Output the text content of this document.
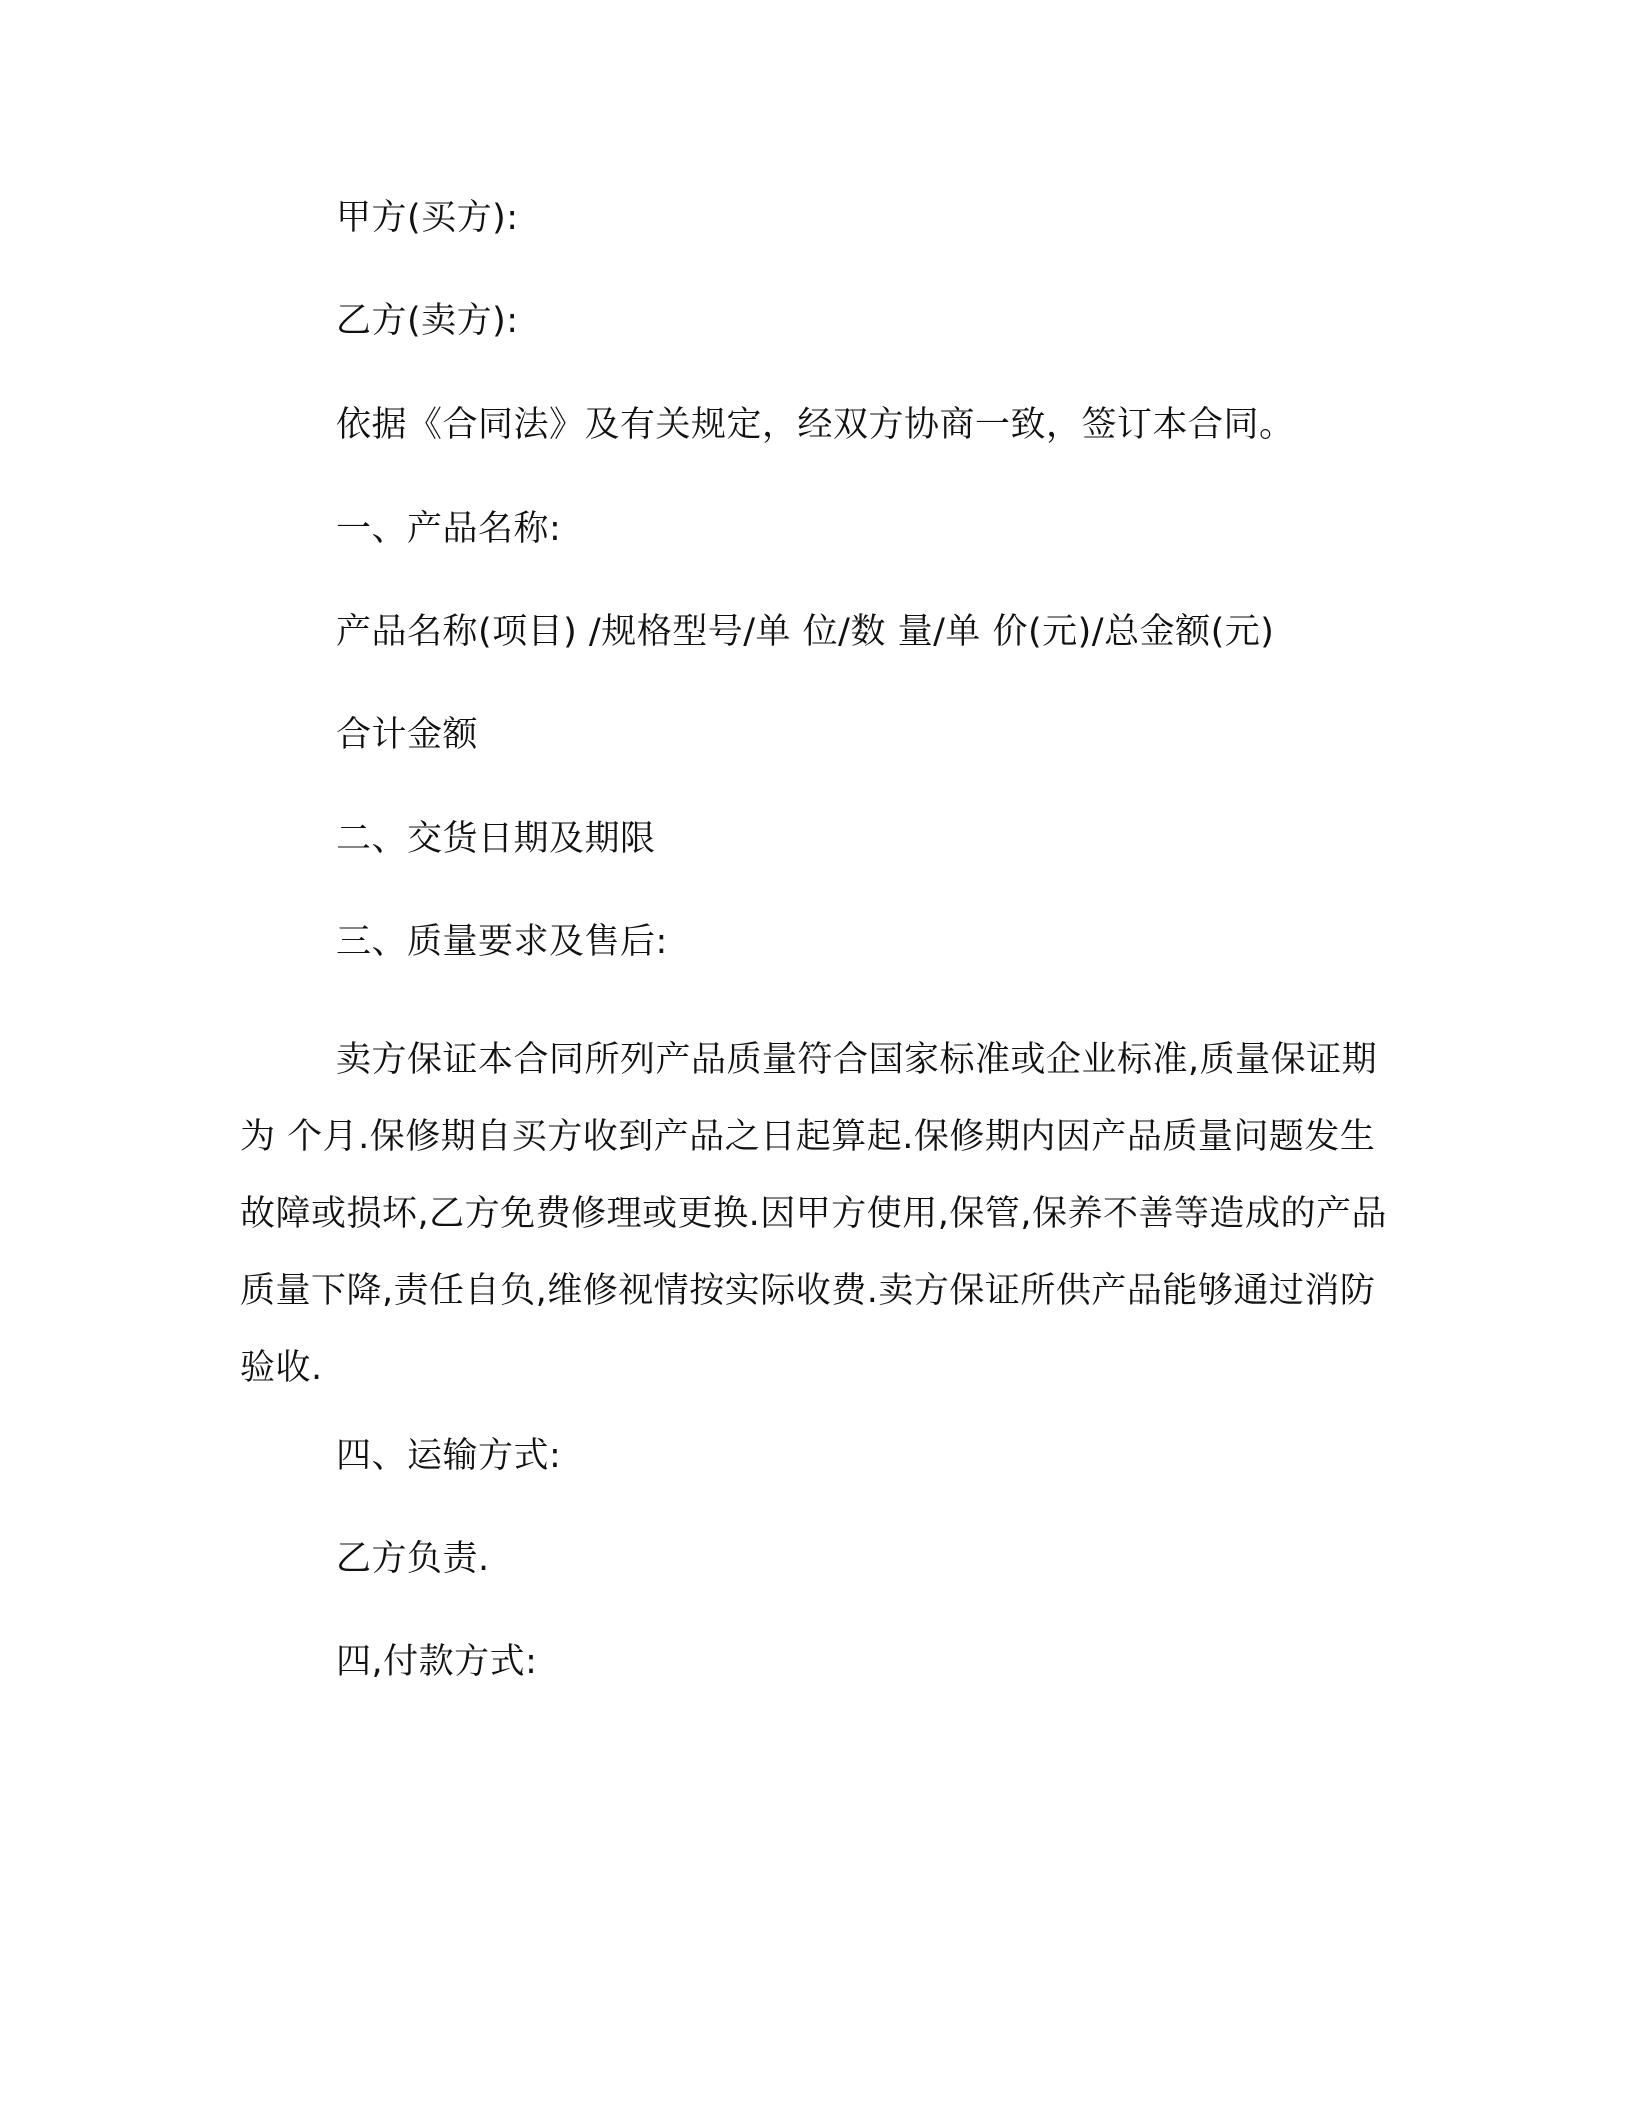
甲方(买方):

乙方(卖方):

依据《合同法》及有关规定，经双方协商一致，签订本合同。

一、产品名称:

产品名称(项目) /规格型号/单 位/数 量/单 价(元)/总金额(元)

合计金额

二、交货日期及期限

三、质量要求及售后:

卖方保证本合同所列产品质量符合国家标准或企业标准,质量保证期为 个月.保修期自买方收到产品之日起算起.保修期内因产品质量问题发生故障或损坏,乙方免费修理或更换.因甲方使用,保管,保养不善等造成的产品质量下降,责任自负,维修视情按实际收费.卖方保证所供产品能够通过消防验收.

四、运输方式:

乙方负责.

四,付款方式:
